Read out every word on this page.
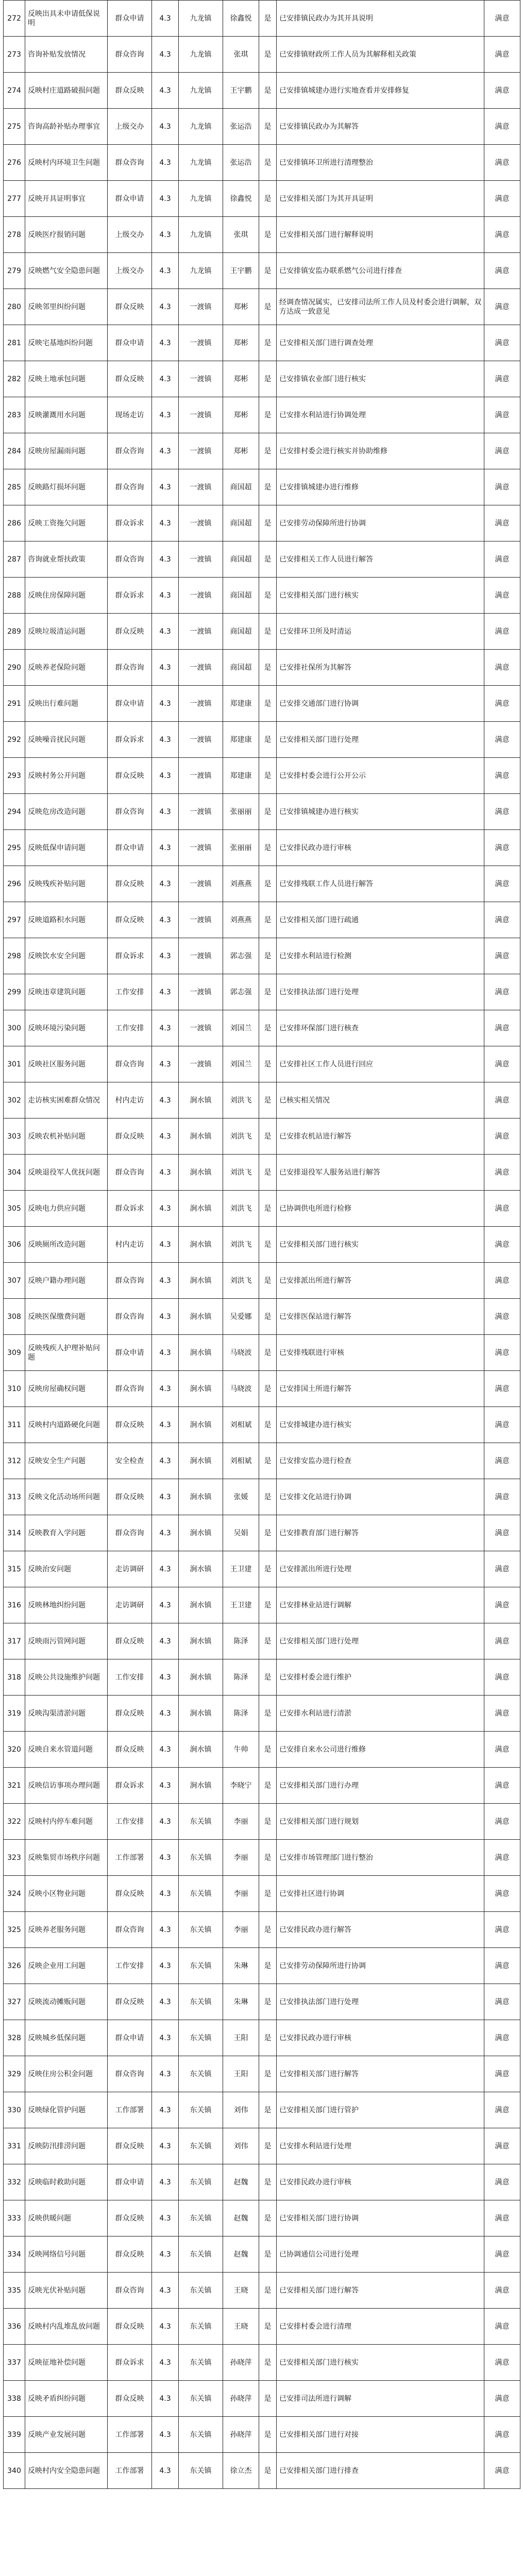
272	反映出具未申请低保说明	群众申请	4.3	九龙镇	徐鑫悦	是	已安排镇民政办为其开具说明	满意
273	咨询补贴发放情况	群众咨询	4.3	九龙镇	张琪	是	已安排镇财政所工作人员为其解释相关政策	满意
274	反映村庄道路破损问题	群众反映	4.3	九龙镇	王宇鹏	是	已安排镇城建办进行实地查看并安排修复	满意
275	咨询高龄补贴办理事宜	上级交办	4.3	九龙镇	张运浩	是	已安排镇民政办为其解答	满意
276	反映村内环境卫生问题	群众咨询	4.3	九龙镇	张运浩	是	已安排镇环卫所进行清理整治	满意
277	反映开具证明事宜	群众申请	4.3	九龙镇	徐鑫悦	是	已安排相关部门为其开具证明	满意
278	反映医疗报销问题	上级交办	4.3	九龙镇	张琪	是	已安排相关部门进行解释说明	满意
279	反映燃气安全隐患问题	上级交办	4.3	九龙镇	王宇鹏	是	已安排镇安监办联系燃气公司进行排查	满意
280	反映邻里纠纷问题	群众反映	4.3	一渡镇	郑彬	是	经调查情况属实，已安排司法所工作人员及村委会进行调解，双方达成一致意见	满意
281	反映宅基地纠纷问题	群众申请	4.3	一渡镇	郑彬	是	已安排相关部门进行调查处理	满意
282	反映土地承包问题	群众反映	4.3	一渡镇	郑彬	是	已安排镇农业部门进行核实	满意
283	反映灌溉用水问题	现场走访	4.3	一渡镇	郑彬	是	已安排水利站进行协调处理	满意
284	反映房屋漏雨问题	群众咨询	4.3	一渡镇	郑彬	是	已安排村委会进行核实并协助维修	满意
285	反映路灯损坏问题	群众咨询	4.3	一渡镇	商国超	是	已安排镇城建办进行维修	满意
286	反映工资拖欠问题	群众诉求	4.3	一渡镇	商国超	是	已安排劳动保障所进行协调	满意
287	咨询就业帮扶政策	群众咨询	4.3	一渡镇	商国超	是	已安排相关工作人员进行解答	满意
288	反映住房保障问题	群众诉求	4.3	一渡镇	商国超	是	已安排相关部门进行核实	满意
289	反映垃圾清运问题	群众反映	4.3	一渡镇	商国超	是	已安排环卫所及时清运	满意
290	反映养老保险问题	群众咨询	4.3	一渡镇	商国超	是	已安排社保所为其解答	满意
291	反映出行难问题	群众申请	4.3	一渡镇	郑建康	是	已安排交通部门进行协调	满意
292	反映噪音扰民问题	群众诉求	4.3	一渡镇	郑建康	是	已安排相关部门进行处理	满意
293	反映村务公开问题	群众反映	4.3	一渡镇	郑建康	是	已安排村委会进行公开公示	满意
294	反映危房改造问题	群众咨询	4.3	一渡镇	张丽丽	是	已安排镇城建办进行核实	满意
295	反映低保申请问题	群众申请	4.3	一渡镇	张丽丽	是	已安排民政办进行审核	满意
296	反映残疾补贴问题	群众反映	4.3	一渡镇	刘燕燕	是	已安排残联工作人员进行解答	满意
297	反映道路积水问题	群众反映	4.3	一渡镇	刘燕燕	是	已安排相关部门进行疏通	满意
298	反映饮水安全问题	群众诉求	4.3	一渡镇	郭志强	是	已安排水利站进行检测	满意
299	反映违章建筑问题	工作安排	4.3	一渡镇	郭志强	是	已安排执法部门进行处理	满意
300	反映环境污染问题	工作安排	4.3	一渡镇	刘国兰	是	已安排环保部门进行核查	满意
301	反映社区服务问题	群众咨询	4.3	一渡镇	刘国兰	是	已安排社区工作人员进行回应	满意
302	走访核实困难群众情况	村内走访	4.3	涧水镇	刘洪飞	是	已核实相关情况	满意
303	反映农机补贴问题	群众反映	4.3	涧水镇	刘洪飞	是	已安排农机站进行解答	满意
304	反映退役军人优抚问题	群众咨询	4.3	涧水镇	刘洪飞	是	已安排退役军人服务站进行解答	满意
305	反映电力供应问题	群众诉求	4.3	涧水镇	刘洪飞	是	已协调供电所进行检修	满意
306	反映厕所改造问题	村内走访	4.3	涧水镇	刘洪飞	是	已安排相关部门进行核实	满意
307	反映户籍办理问题	群众咨询	4.3	涧水镇	刘洪飞	是	已安排派出所进行解答	满意
308	反映医保缴费问题	群众咨询	4.3	涧水镇	吴爱娜	是	已安排医保站进行解答	满意
309	反映残疾人护理补贴问题	群众申请	4.3	涧水镇	马晓波	是	已安排残联进行审核	满意
310	反映房屋确权问题	群众咨询	4.3	涧水镇	马晓波	是	已安排国土所进行解答	满意
311	反映村内道路硬化问题	群众反映	4.3	涧水镇	刘相斌	是	已安排城建办进行核实	满意
312	反映安全生产问题	安全检查	4.3	涧水镇	刘相斌	是	已安排安监办进行检查	满意
313	反映文化活动场所问题	群众反映	4.3	涧水镇	张媛	是	已安排文化站进行协调	满意
314	反映教育入学问题	群众咨询	4.3	涧水镇	吴娟	是	已安排教育部门进行解答	满意
315	反映治安问题	走访调研	4.3	涧水镇	王卫建	是	已安排派出所进行处理	满意
316	反映林地纠纷问题	走访调研	4.3	涧水镇	王卫建	是	已安排林业站进行调解	满意
317	反映雨污管网问题	群众反映	4.3	涧水镇	陈泽	是	已安排相关部门进行处理	满意
318	反映公共设施维护问题	工作安排	4.3	涧水镇	陈泽	是	已安排村委会进行维护	满意
319	反映沟渠清淤问题	群众反映	4.3	涧水镇	陈泽	是	已安排水利站进行清淤	满意
320	反映自来水管道问题	群众反映	4.3	涧水镇	牛帅	是	已安排自来水公司进行维修	满意
321	反映信访事项办理问题	群众诉求	4.3	涧水镇	李晓宁	是	已安排相关部门进行办理	满意
322	反映村内停车难问题	工作安排	4.3	东关镇	李丽	是	已安排相关部门进行规划	满意
323	反映集贸市场秩序问题	工作部署	4.3	东关镇	李丽	是	已安排市场管理部门进行整治	满意
324	反映小区物业问题	群众反映	4.3	东关镇	李丽	是	已安排社区进行协调	满意
325	反映养老服务问题	群众咨询	4.3	东关镇	李丽	是	已安排民政办进行解答	满意
326	反映企业用工问题	工作安排	4.3	东关镇	朱琳	是	已安排劳动保障所进行协调	满意
327	反映流动摊贩问题	群众反映	4.3	东关镇	朱琳	是	已安排执法部门进行处理	满意
328	反映城乡低保问题	群众申请	4.3	东关镇	王阳	是	已安排民政办进行审核	满意
329	反映住房公积金问题	群众咨询	4.3	东关镇	王阳	是	已安排相关部门进行解答	满意
330	反映绿化管护问题	工作部署	4.3	东关镇	刘伟	是	已安排相关部门进行管护	满意
331	反映防汛排涝问题	群众反映	4.3	东关镇	刘伟	是	已安排水利站进行处理	满意
332	反映临时救助问题	群众申请	4.3	东关镇	赵魏	是	已安排民政办进行审核	满意
333	反映供暖问题	群众反映	4.3	东关镇	赵魏	是	已安排相关部门进行协调	满意
334	反映网络信号问题	群众反映	4.3	东关镇	赵魏	是	已协调通信公司进行处理	满意
335	反映光伏补贴问题	群众咨询	4.3	东关镇	王晓	是	已安排相关部门进行解答	满意
336	反映村内乱堆乱放问题	群众反映	4.3	东关镇	王晓	是	已安排村委会进行清理	满意
337	反映征地补偿问题	群众诉求	4.3	东关镇	孙晓萍	是	已安排相关部门进行核实	满意
338	反映矛盾纠纷问题	群众反映	4.3	东关镇	孙晓萍	是	已安排司法所进行调解	满意
339	反映产业发展问题	工作部署	4.3	东关镇	孙晓萍	是	已安排相关部门进行对接	满意
340	反映村内安全隐患问题	工作部署	4.3	东关镇	徐立杰	是	已安排相关部门进行排查	满意
